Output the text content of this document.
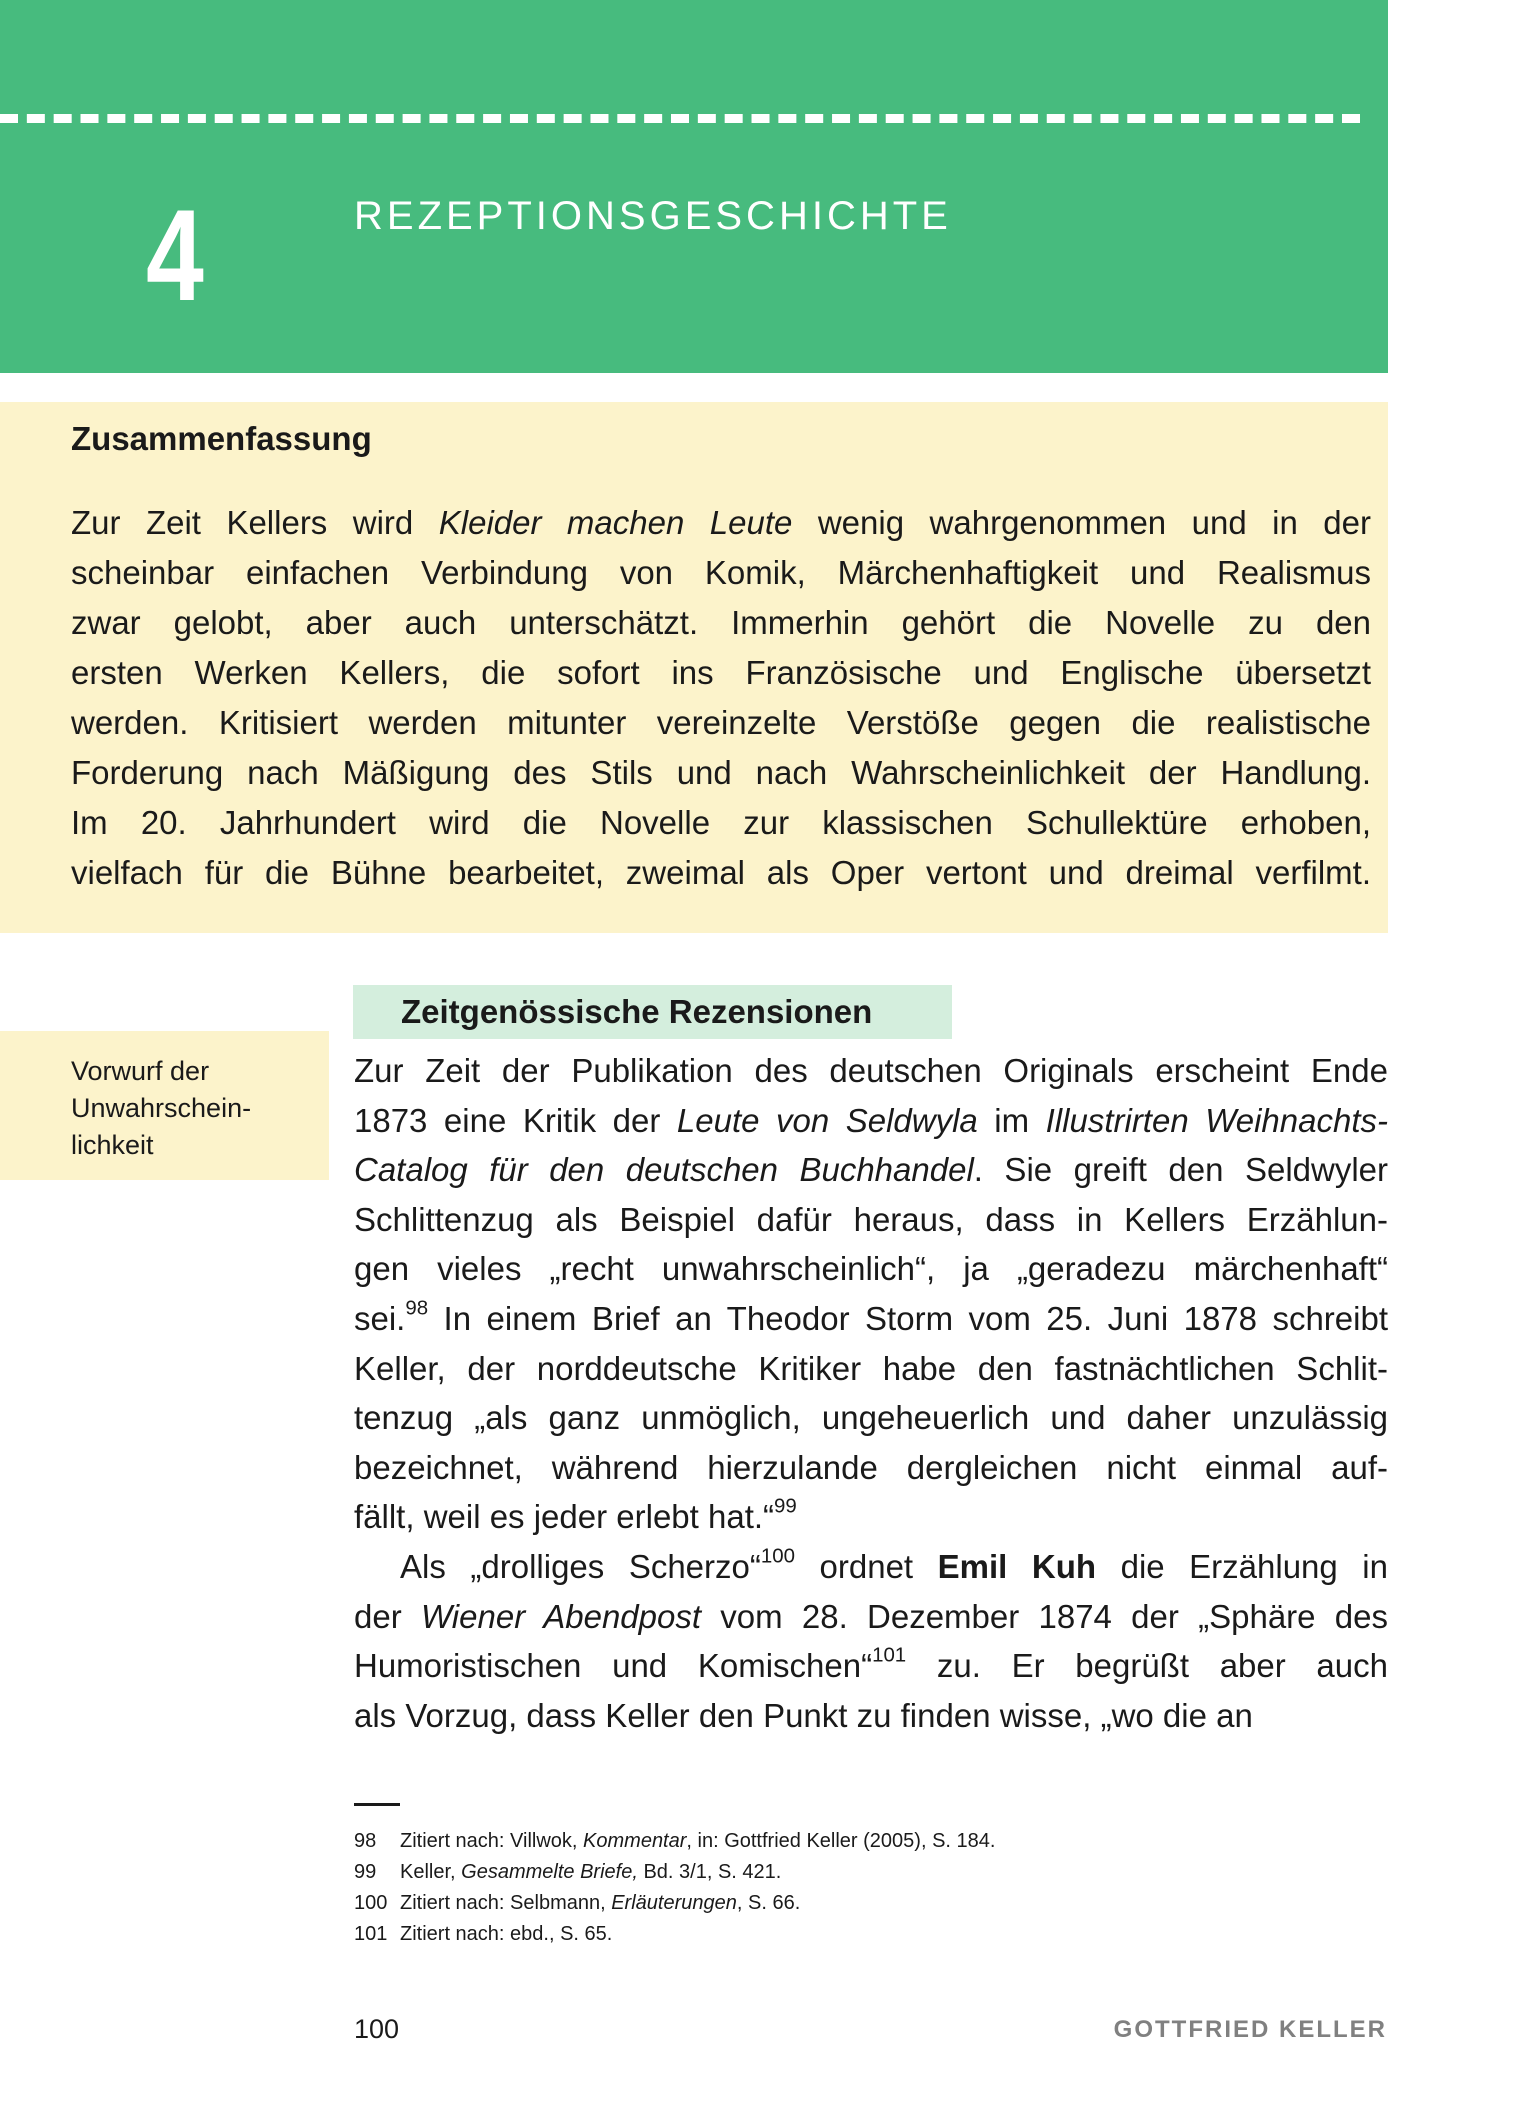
4	REZEPTIONSGESCHICHTE
Zusammenfassung
Zur Zeit Kellers wird Kleider machen Leute wenig wahrgenommen und in der
scheinbar einfachen Verbindung von Komik, Märchenhaftigkeit und Realismus
zwar gelobt, aber auch unterschätzt. Immerhin gehört die Novelle zu den
ersten Werken Kellers, die sofort ins Französische und Englische übersetzt
werden. Kritisiert werden mitunter vereinzelte Verstöße gegen die realistische
Forderung nach Mäßigung des Stils und nach Wahrscheinlichkeit der Handlung.
Im 20. Jahrhundert wird die Novelle zur klassischen Schullektüre erhoben,
vielfach für die Bühne bearbeitet, zweimal als Oper vertont und dreimal verfilmt.
Zeitgenössische Rezensionen
Vorwurf der Unwahrschein-
lichkeit
Zur Zeit der Publikation des deutschen Originals erscheint Ende
1873 eine Kritik der Leute von Seldwyla im Illustrirten Weihnachts-
Catalog für den deutschen Buchhandel. Sie greift den Seldwyler
Schlittenzug als Beispiel dafür heraus, dass in Kellers Erzählun-
gen vieles „recht unwahrscheinlich“, ja „geradezu märchenhaft“
sei.$^{98}$ In einem Brief an Theodor Storm vom 25. Juni 1878 schreibt
Keller, der norddeutsche Kritiker habe den fastnächtlichen Schlit-
tenzug „als ganz unmöglich, ungeheuerlich und daher unzulässig
bezeichnet, während hierzulande dergleichen nicht einmal auf-
fällt, weil es jeder erlebt hat.“$^{99}$
Als „drolliges Scherzo“$^{100}$ ordnet Emil Kuh die Erzählung in
der Wiener Abendpost vom 28. Dezember 1874 der „Sphäre des
Humoristischen und Komischen“$^{101}$ zu. Er begrüßt aber auch
als Vorzug, dass Keller den Punkt zu finden wisse, „wo die an
98 Zitiert nach: Villwok, Kommentar, in: Gottfried Keller (2005), S. 184.
99 Keller, Gesammelte Briefe, Bd. 3/1, S. 421.
100 Zitiert nach: Selbmann, Erläuterungen, S. 66.
101 Zitiert nach: ebd., S. 65.
100	GOTTFRIED KELLER
